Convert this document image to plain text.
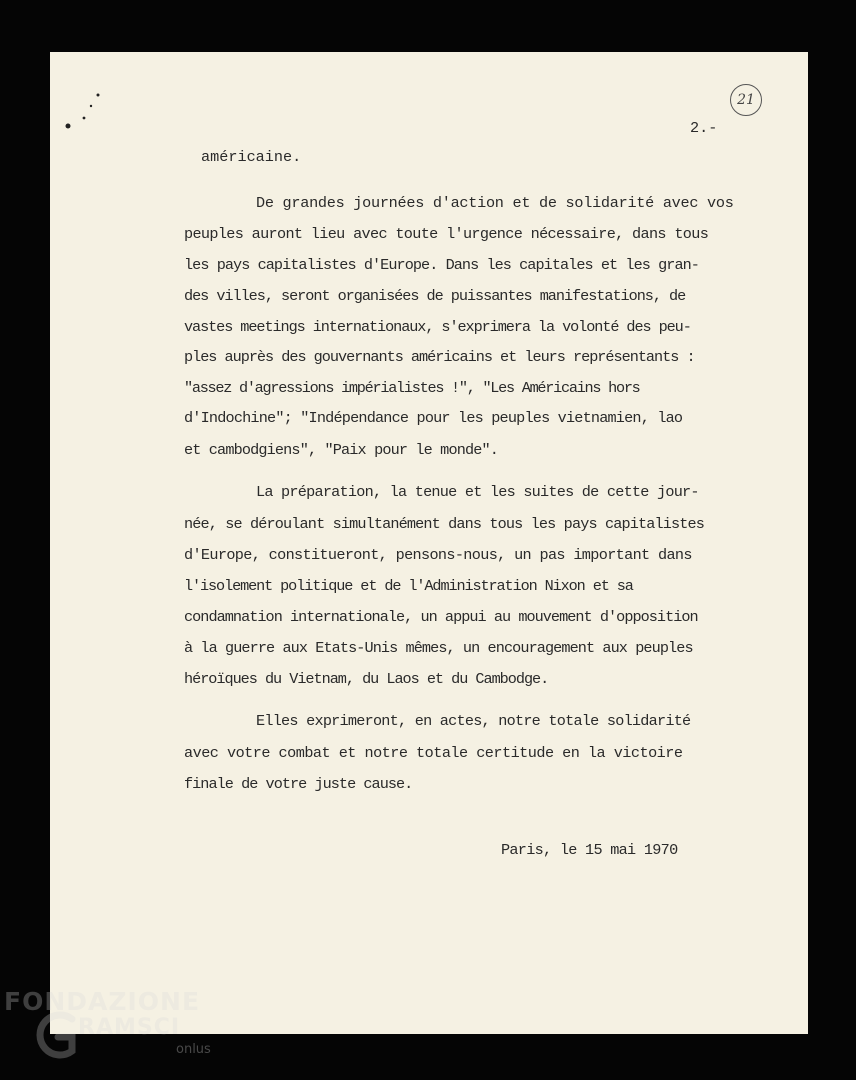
21
2.-

américaine.

De grandes journées d'action et de solidarité avec vos

peuples auront lieu avec toute l'urgence nécessaire, dans tous

les pays capitalistes d'Europe. Dans les capitales et les gran-

des villes, seront organisées de puissantes manifestations, de

vastes meetings internationaux, s'exprimera la volonté des peu-

ples auprès des gouvernants américains et leurs représentants :

"assez d'agressions impérialistes !", "Les Américains hors

d'Indochine"; "Indépendance pour les peuples vietnamien, lao

et cambodgiens", "Paix pour le monde".

La préparation, la tenue et les suites de cette jour-

née, se déroulant simultanément dans tous les pays capitalistes

d'Europe, constitueront, pensons-nous, un pas important dans

l'isolement politique et de l'Administration Nixon et sa

condamnation internationale, un appui au mouvement d'opposition

à la guerre aux Etats-Unis mêmes, un encouragement aux peuples

héroïques du Vietnam, du Laos et du Cambodge.

Elles exprimeront, en actes, notre totale solidarité

avec votre combat et notre totale certitude en la victoire

finale de votre juste cause.

Paris, le 15 mai 1970

FONDAZIONE
RAMSCI
onlus
